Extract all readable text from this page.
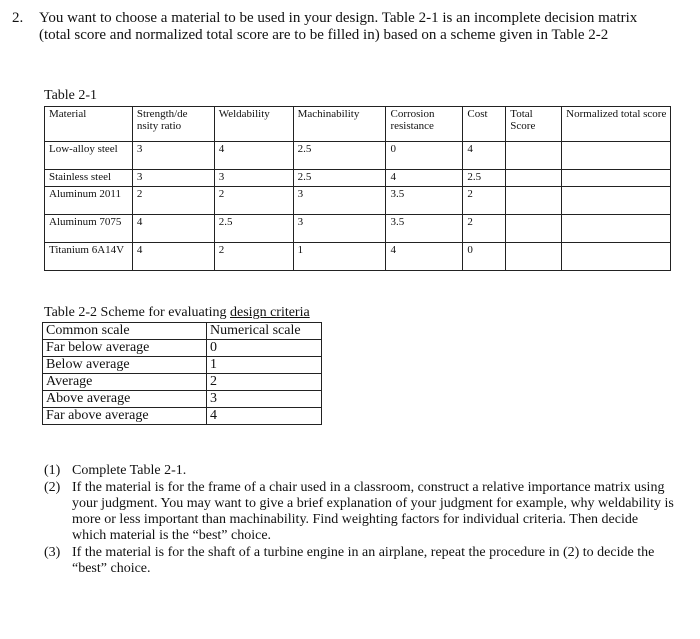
2. You want to choose a material to be used in your design. Table 2-1 is an incomplete decision matrix (total score and normalized total score are to be filled in) based on a scheme given in Table 2-2
Table 2-1
Material	Strength/de nsity ratio	Weldability	Machinability	Corrosion resistance	Cost	Total Score	Normalized total score
Low-alloy steel	3	4	2.5	0	4		
Stainless steel	3	3	2.5	4	2.5		
Aluminum 2011	2	2	3	3.5	2		
Aluminum 7075	4	2.5	3	3.5	2		
Titanium 6A14V	4	2	1	4	0		
Table 2-2 Scheme for evaluating design criteria
Common scale	Numerical scale
Far below average	0
Below average	1
Average	2
Above average	3
Far above average	4
(1) Complete Table 2-1.
(2) If the material is for the frame of a chair used in a classroom, construct a relative importance matrix using your judgment. You may want to give a brief explanation of your judgment for example, why weldability is more or less important than machinability. Find weighting factors for individual criteria. Then decide which material is the “best” choice.
(3) If the material is for the shaft of a turbine engine in an airplane, repeat the procedure in (2) to decide the “best” choice.
